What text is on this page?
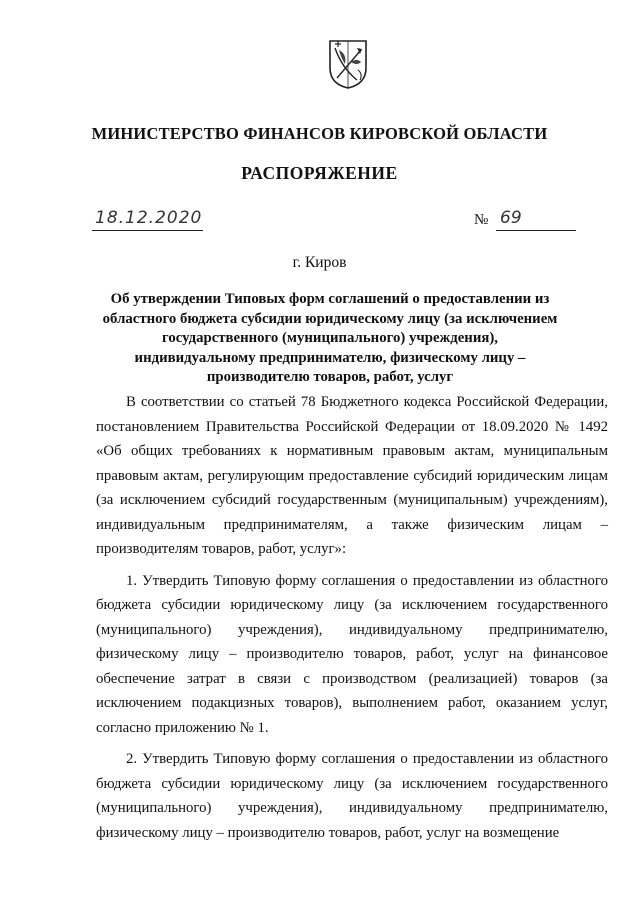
МИНИСТЕРСТВО ФИНАНСОВ КИРОВСКОЙ ОБЛАСТИ
РАСПОРЯЖЕНИЕ
18.12.2020	№ 69
г. Киров
Об утверждении Типовых форм соглашений о предоставлении из областного бюджета субсидии юридическому лицу (за исключением государственного (муниципального) учреждения), индивидуальному предпринимателю, физическому лицу – производителю товаров, работ, услуг

В соответствии со статьей 78 Бюджетного кодекса Российской Федерации, постановлением Правительства Российской Федерации от 18.09.2020 № 1492 «Об общих требованиях к нормативным правовым актам, муниципальным правовым актам, регулирующим предоставление субсидий юридическим лицам (за исключением субсидий государственным (муниципальным) учреждениям), индивидуальным предпринимателям, а также физическим лицам – производителям товаров, работ, услуг»:

1. Утвердить Типовую форму соглашения о предоставлении из областного бюджета субсидии юридическому лицу (за исключением государственного (муниципального) учреждения), индивидуальному предпринимателю, физическому лицу – производителю товаров, работ, услуг на финансовое обеспечение затрат в связи с производством (реализацией) товаров (за исключением подакцизных товаров), выполнением работ, оказанием услуг, согласно приложению № 1.

2. Утвердить Типовую форму соглашения о предоставлении из областного бюджета субсидии юридическому лицу (за исключением государственного (муниципального) учреждения), индивидуальному предпринимателю, физическому лицу – производителю товаров, работ, услуг на возмещение
